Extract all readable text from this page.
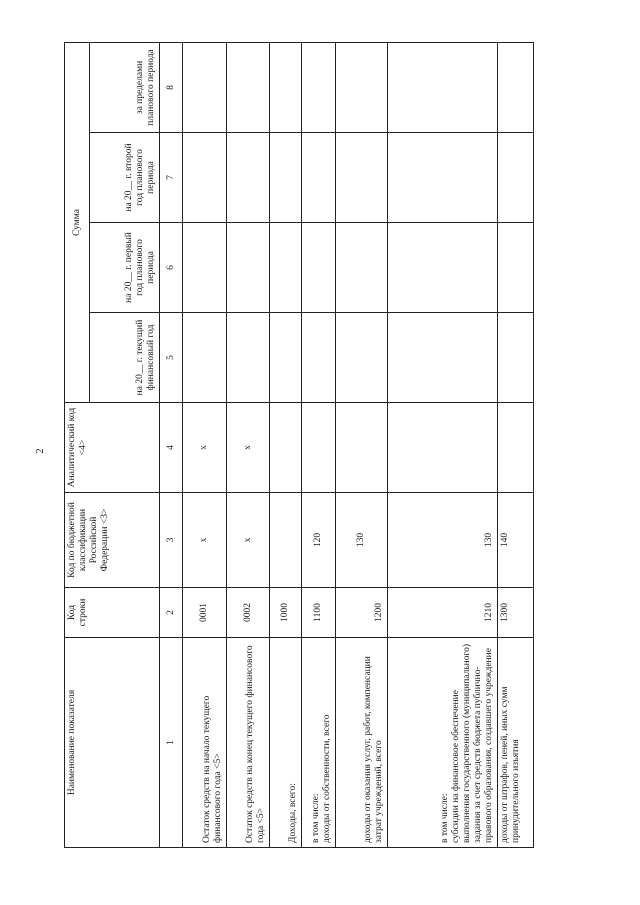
2
Наименование показателя	Код строки	Код по бюджетной классификации Российской Федерации <3>	Аналитический код <4>	Сумма			
				на 20__ г. текущий финансовый год	на 20__ г. первый год планового периода	на 20__ г. второй год планового периода	за пределами планового периода
1	2	3	4	5	6	7	8
Остаток средств на начало текущего финансового года <5>	0001	x	x				
Остаток средств на конец текущего финансового года <5>	0002	x	x				
Доходы, всего:	1000						
в том числе:
доходы от собственности, всего	1100	120					
доходы от оказания услуг, работ, компенсации затрат учреждений, всего	1200	130					
в том числе:
субсидии на финансовое обеспечение выполнения государственного (муниципального) задания за счет средств бюджета публично-правового образования, создавшего учреждение	1210	130					
доходы от штрафов, пеней, иных сумм принудительного изъятия	1300	140					
